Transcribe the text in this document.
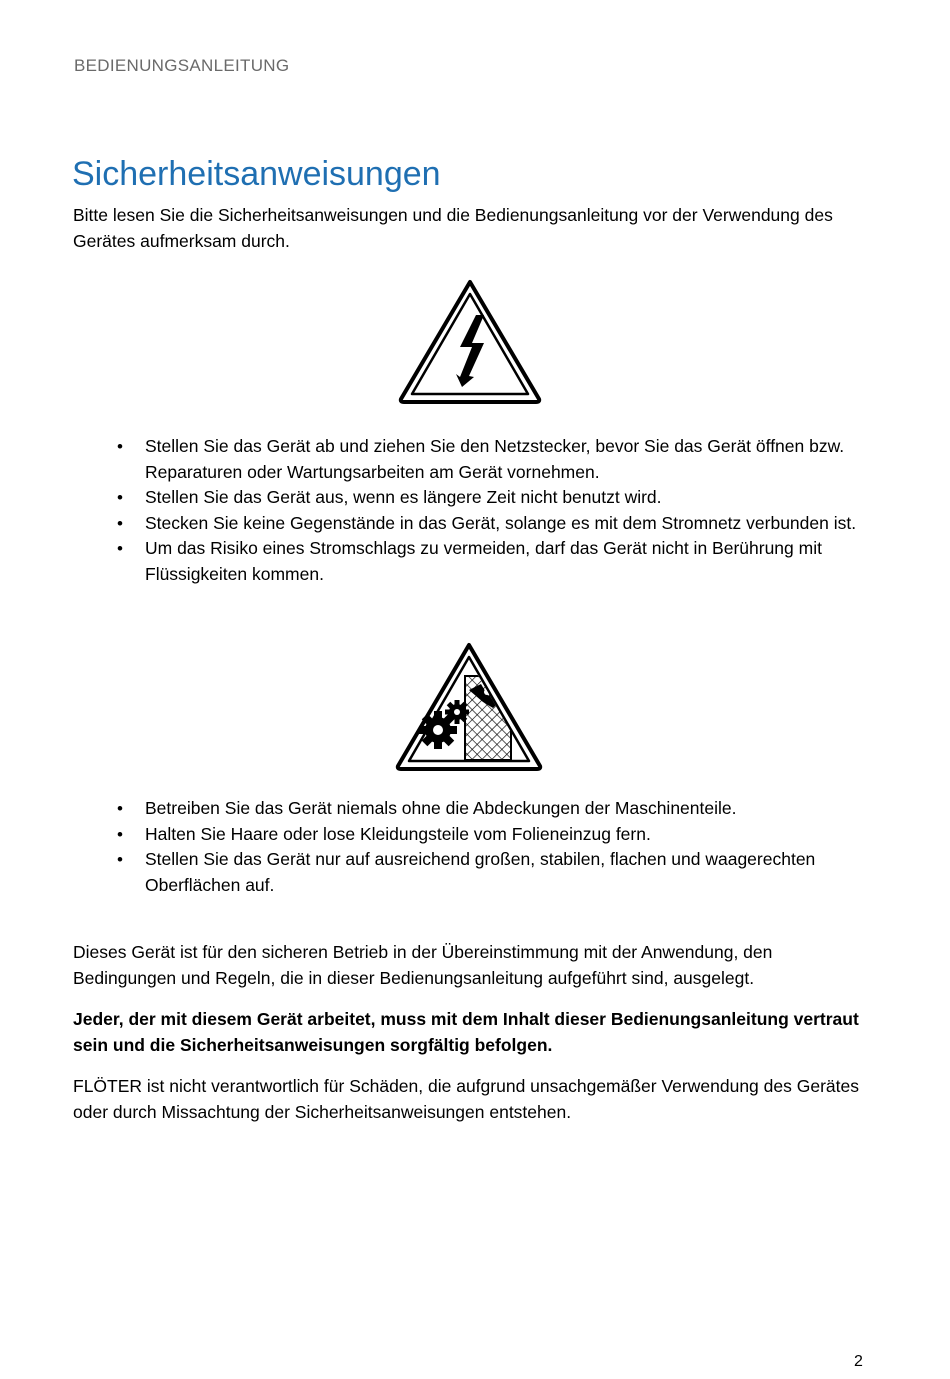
BEDIENUNGSANLEITUNG
Sicherheitsanweisungen

Bitte lesen Sie die Sicherheitsanweisungen und die Bedienungsanleitung vor der Verwendung des Gerätes aufmerksam durch.

• Stellen Sie das Gerät ab und ziehen Sie den Netzstecker, bevor Sie das Gerät öffnen bzw. Reparaturen oder Wartungsarbeiten am Gerät vornehmen.
• Stellen Sie das Gerät aus, wenn es längere Zeit nicht benutzt wird.
• Stecken Sie keine Gegenstände in das Gerät, solange es mit dem Stromnetz verbunden ist.
• Um das Risiko eines Stromschlags zu vermeiden, darf das Gerät nicht in Berührung mit Flüssigkeiten kommen.
• Betreiben Sie das Gerät niemals ohne die Abdeckungen der Maschinenteile.
• Halten Sie Haare oder lose Kleidungsteile vom Folieneinzug fern.
• Stellen Sie das Gerät nur auf ausreichend großen, stabilen, flachen und waagerechten Oberflächen auf.

Dieses Gerät ist für den sicheren Betrieb in der Übereinstimmung mit der Anwendung, den Bedingungen und Regeln, die in dieser Bedienungsanleitung aufgeführt sind, ausgelegt.

Jeder, der mit diesem Gerät arbeitet, muss mit dem Inhalt dieser Bedienungsanleitung vertraut sein und die Sicherheitsanweisungen sorgfältig befolgen.

FLÖTER ist nicht verantwortlich für Schäden, die aufgrund unsachgemäßer Verwendung des Gerätes oder durch Missachtung der Sicherheitsanweisungen entstehen.

2
